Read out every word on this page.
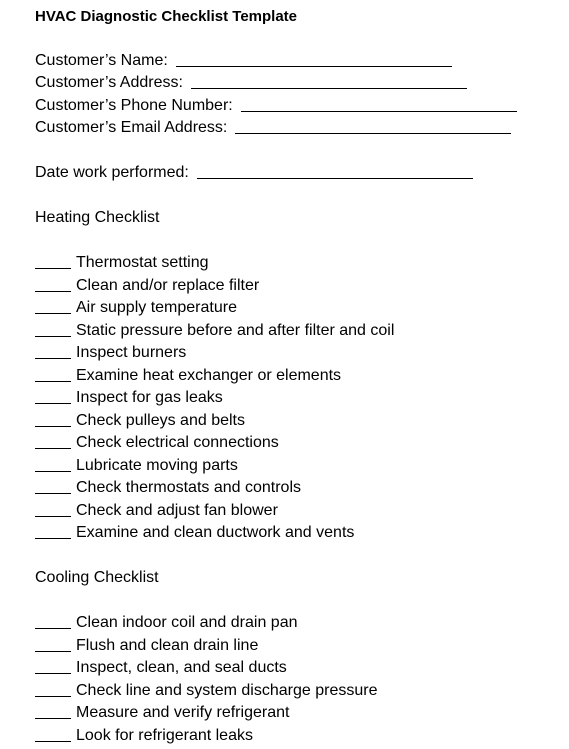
HVAC Diagnostic Checklist Template
Customer’s Name:
Customer’s Address:
Customer’s Phone Number:
Customer’s Email Address:
Date work performed:
Heating Checklist
Thermostat setting
Clean and/or replace filter
Air supply temperature
Static pressure before and after filter and coil
Inspect burners
Examine heat exchanger or elements
Inspect for gas leaks
Check pulleys and belts
Check electrical connections
Lubricate moving parts
Check thermostats and controls
Check and adjust fan blower
Examine and clean ductwork and vents
Cooling Checklist
Clean indoor coil and drain pan
Flush and clean drain line
Inspect, clean, and seal ducts
Check line and system discharge pressure
Measure and verify refrigerant
Look for refrigerant leaks
